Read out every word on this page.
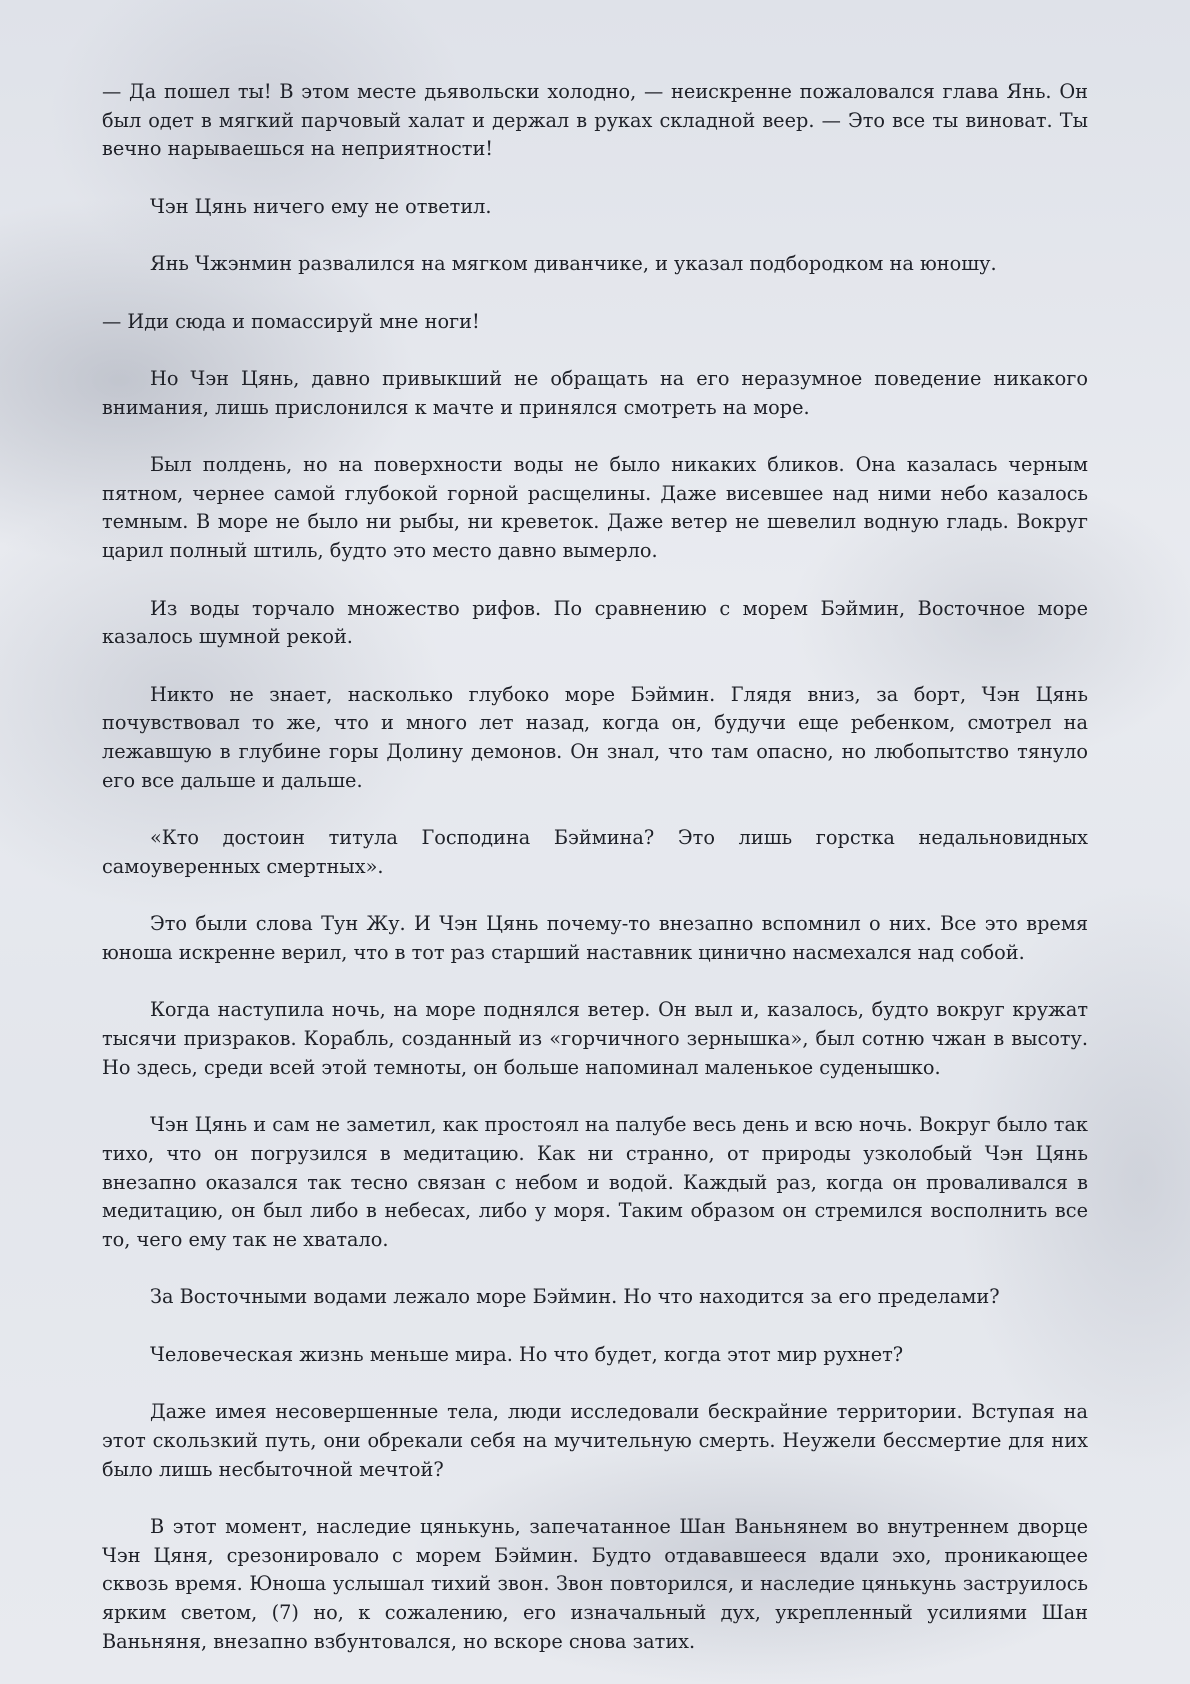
— Да пошел ты! В этом месте дьявольски холодно, — неискренне пожаловался глава Янь. Он был одет в мягкий парчовый халат и держал в руках складной веер. — Это все ты виноват. Ты вечно нарываешься на неприятности!

Чэн Цянь ничего ему не ответил.

Янь Чжэнмин развалился на мягком диванчике, и указал подбородком на юношу.

— Иди сюда и помассируй мне ноги!

Но Чэн Цянь, давно привыкший не обращать на его неразумное поведение никакого внимания, лишь прислонился к мачте и принялся смотреть на море.

Был полдень, но на поверхности воды не было никаких бликов. Она казалась черным пятном, чернее самой глубокой горной расщелины. Даже висевшее над ними небо казалось темным. В море не было ни рыбы, ни креветок. Даже ветер не шевелил водную гладь. Вокруг царил полный штиль, будто это место давно вымерло.

Из воды торчало множество рифов. По сравнению с морем Бэймин, Восточное море казалось шумной рекой.

Никто не знает, насколько глубоко море Бэймин. Глядя вниз, за борт, Чэн Цянь почувствовал то же, что и много лет назад, когда он, будучи еще ребенком, смотрел на лежавшую в глубине горы Долину демонов. Он знал, что там опасно, но любопытство тянуло его все дальше и дальше.

«Кто достоин титула Господина Бэймина? Это лишь горстка недальновидных самоуверенных смертных».

Это были слова Тун Жу. И Чэн Цянь почему-то внезапно вспомнил о них. Все это время юноша искренне верил, что в тот раз старший наставник цинично насмехался над собой.

Когда наступила ночь, на море поднялся ветер. Он выл и, казалось, будто вокруг кружат тысячи призраков. Корабль, созданный из «горчичного зернышка», был сотню чжан в высоту. Но здесь, среди всей этой темноты, он больше напоминал маленькое суденышко.

Чэн Цянь и сам не заметил, как простоял на палубе весь день и всю ночь. Вокруг было так тихо, что он погрузился в медитацию. Как ни странно, от природы узколобый Чэн Цянь внезапно оказался так тесно связан с небом и водой. Каждый раз, когда он проваливался в медитацию, он был либо в небесах, либо у моря. Таким образом он стремился восполнить все то, чего ему так не хватало.

За Восточными водами лежало море Бэймин. Но что находится за его пределами?

Человеческая жизнь меньше мира. Но что будет, когда этот мир рухнет?

Даже имея несовершенные тела, люди исследовали бескрайние территории. Вступая на этот скользкий путь, они обрекали себя на мучительную смерть. Неужели бессмертие для них было лишь несбыточной мечтой?

В этот момент, наследие цянькунь, запечатанное Шан Ваньнянем во внутреннем дворце Чэн Цяня, срезонировало с морем Бэймин. Будто отдававшееся вдали эхо, проникающее сквозь время. Юноша услышал тихий звон. Звон повторился, и наследие цянькунь заструилось ярким светом, (7) но, к сожалению, его изначальный дух, укрепленный усилиями Шан Ваньняня, внезапно взбунтовался, но вскоре снова затих.
